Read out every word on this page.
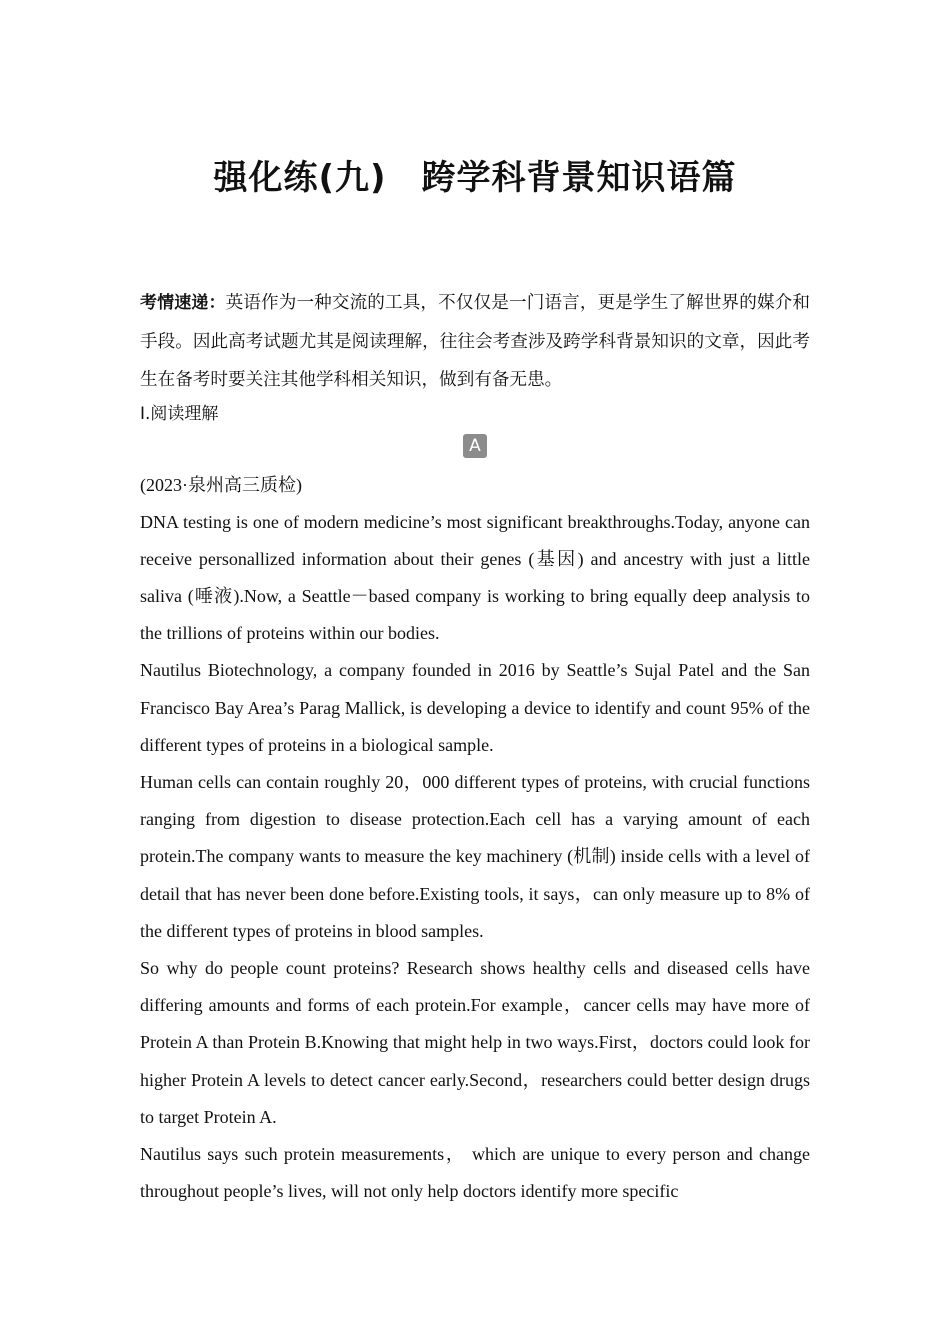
强化练(九)　跨学科背景知识语篇

考情速递：英语作为一种交流的工具，不仅仅是一门语言，更是学生了解世界的媒介和手段。因此高考试题尤其是阅读理解，往往会考查涉及跨学科背景知识的文章，因此考生在备考时要关注其他学科相关知识，做到有备无患。

Ⅰ.阅读理解
A

(2023·泉州高三质检)

DNA testing is one of modern medicine’s most significant breakthroughs.Today, anyone can receive personallized information about their genes (基因) and ancestry with just a little saliva (唾液).Now, a Seattle－based company is working to bring equally deep analysis to the trillions of proteins within our bodies.

Nautilus Biotechnology, a company founded in 2016 by Seattle’s Sujal Patel and the San Francisco Bay Area’s Parag Mallick, is developing a device to identify and count 95% of the different types of proteins in a biological sample.

Human cells can contain roughly 20，000 different types of proteins, with crucial functions ranging from digestion to disease protection.Each cell has a varying amount of each protein.The company wants to measure the key machinery (机制) inside cells with a level of detail that has never been done before.Existing tools, it says，can only measure up to 8% of the different types of proteins in blood samples.

So why do people count proteins? Research shows healthy cells and diseased cells have differing amounts and forms of each protein.For example，cancer cells may have more of Protein A than Protein B.Knowing that might help in two ways.First，doctors could look for higher Protein A levels to detect cancer early.Second，researchers could better design drugs to target Protein A.

Nautilus says such protein measurements， which are unique to every person and change throughout people’s lives, will not only help doctors identify more specific
